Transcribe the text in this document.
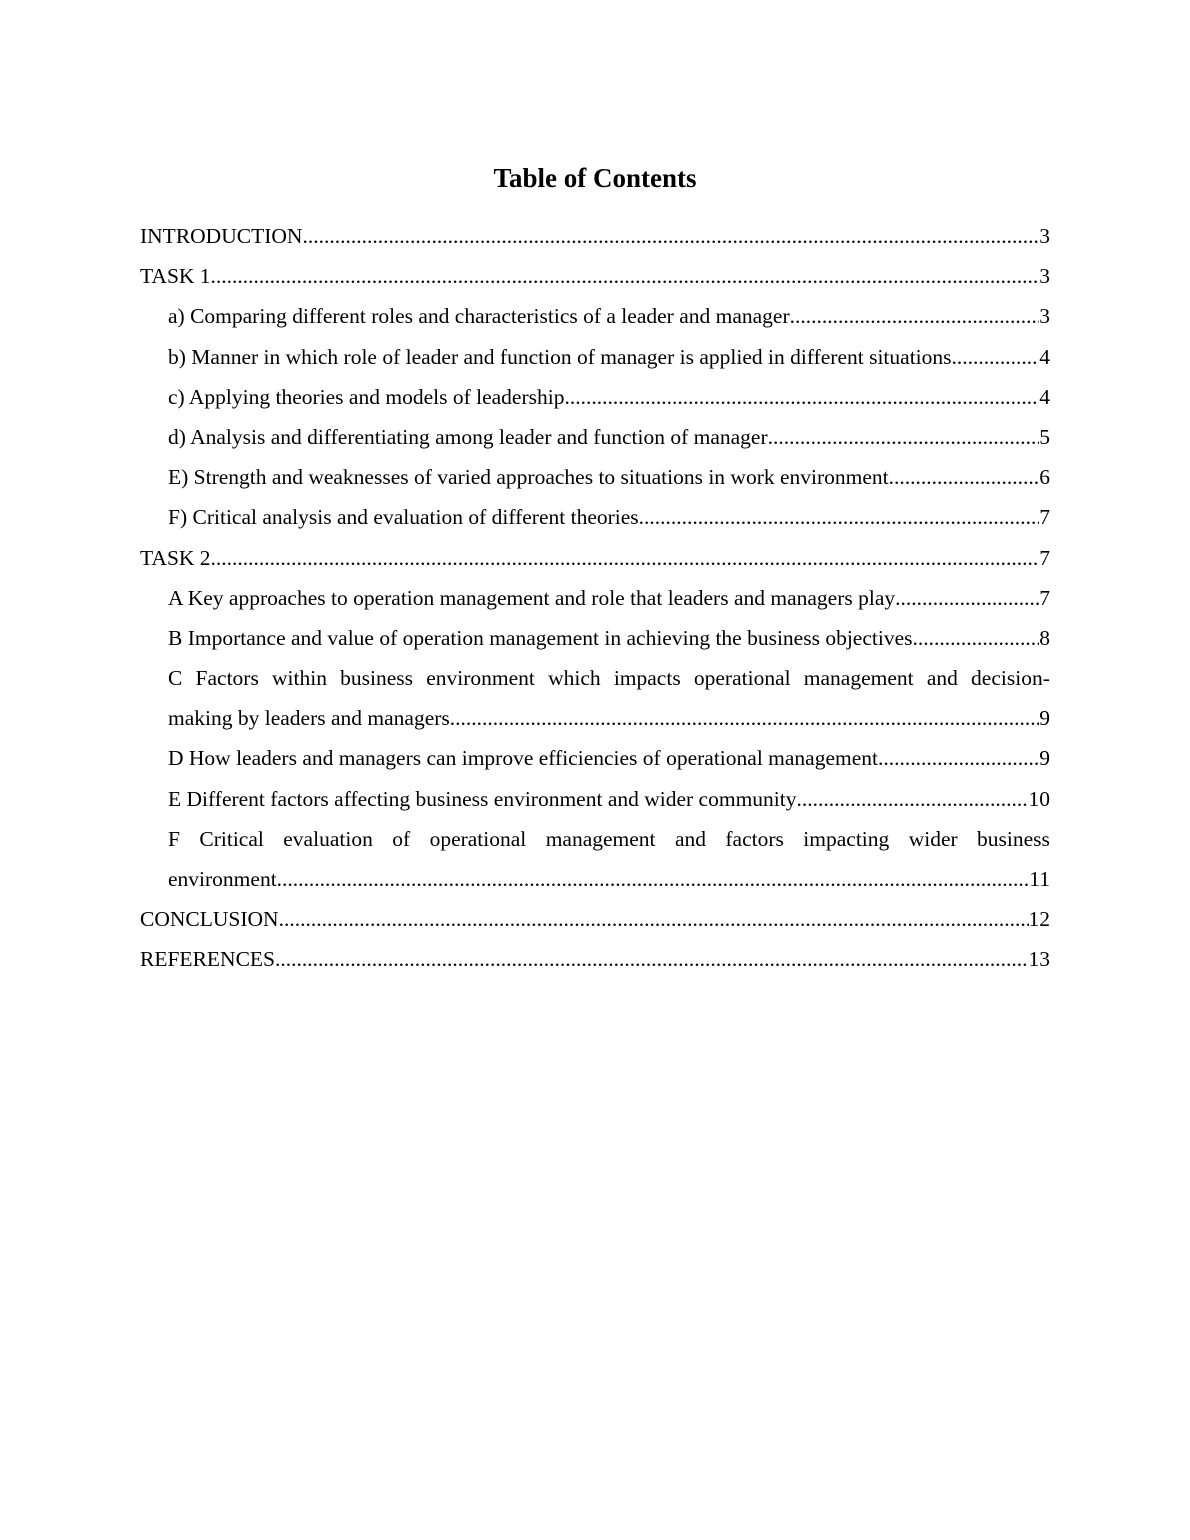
Table of Contents
INTRODUCTION .....	3
TASK 1 .....	3
a) Comparing different roles and characteristics of a leader and manager .....	3
b) Manner in which role of leader and function of manager is applied in different situations .....	4
c) Applying theories and models of leadership .....	4
d) Analysis and differentiating among leader and function of manager .....	5
E) Strength and weaknesses of varied approaches to situations in work environment .....	6
F) Critical analysis and evaluation of different theories. .....	7
TASK 2 .....	7
A Key approaches to operation management and role that leaders and managers play .....	7
B Importance and value of operation management in achieving the business objectives .....	8
C Factors within business environment which impacts operational management and decision-
making by leaders and managers .....	9
D How leaders and managers can improve efficiencies of operational management .....	9
E Different factors affecting business environment and wider community .....	10
F Critical evaluation of operational management and factors impacting wider business
environment .....	11
CONCLUSION .....	12
REFERENCES .....	13
